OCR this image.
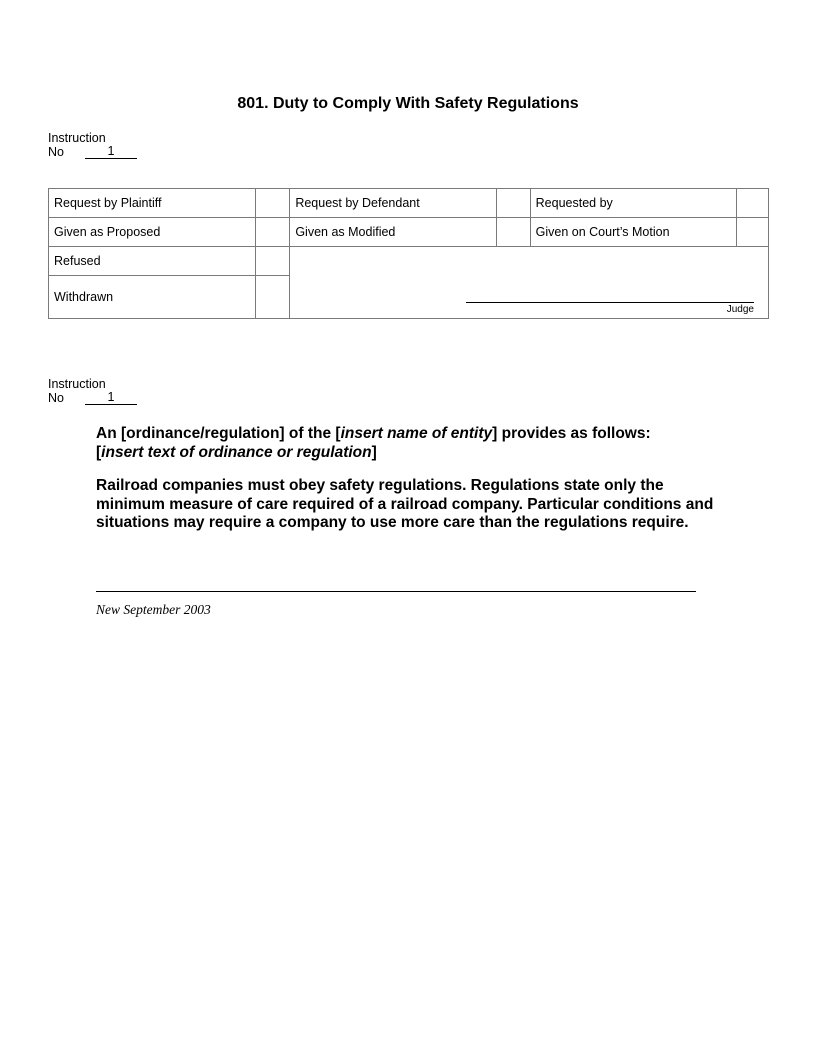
801. Duty to Comply With Safety Regulations
Instruction
No	1
Request by Plaintiff		Request by Defendant		Requested by	
Given as Proposed		Given as Modified		Given on Court’s Motion	
Refused		Judge			

Withdrawn					
Instruction
No	1
An [ordinance/regulation] of the [insert name of entity] provides as follows:
[insert text of ordinance or regulation]
Railroad companies must obey safety regulations. Regulations state only the minimum measure of care required of a railroad company. Particular conditions and situations may require a company to use more care than the regulations require.
New September 2003
